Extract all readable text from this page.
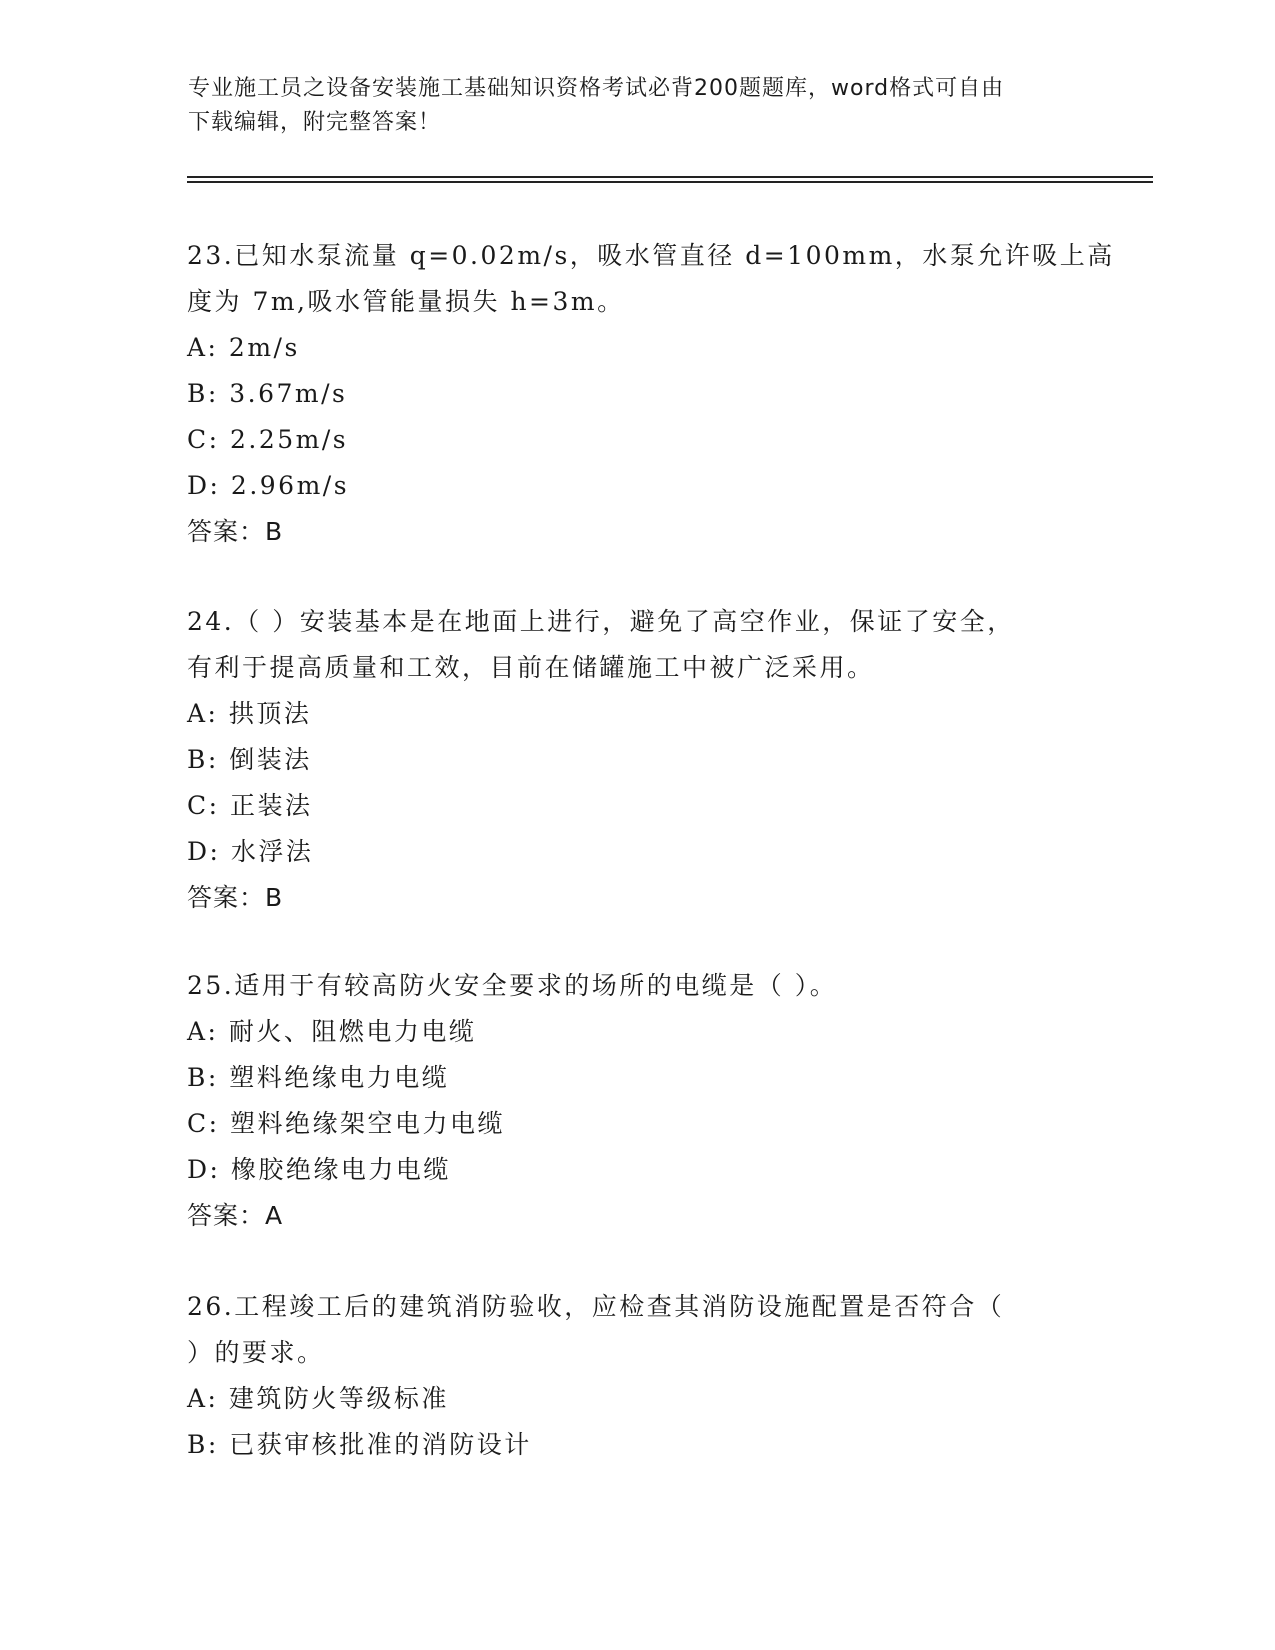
专业施工员之设备安装施工基础知识资格考试必背200题题库，word格式可自由
下载编辑，附完整答案！
23.已知水泵流量 q=0.02m/s，吸水管直径 d=100mm，水泵允许吸上高
度为 7m,吸水管能量损失 h=3m。
A: 2m/s
B: 3.67m/s
C: 2.25m/s
D: 2.96m/s
答案：B
24.（ ）安装基本是在地面上进行，避免了高空作业，保证了安全，
有利于提高质量和工效，目前在储罐施工中被广泛采用。
A: 拱顶法
B: 倒装法
C: 正装法
D: 水浮法
答案：B
25.适用于有较高防火安全要求的场所的电缆是（ ）。
A: 耐火、阻燃电力电缆
B: 塑料绝缘电力电缆
C: 塑料绝缘架空电力电缆
D: 橡胶绝缘电力电缆
答案：A
26.工程竣工后的建筑消防验收，应检查其消防设施配置是否符合（
）的要求。
A: 建筑防火等级标准
B: 已获审核批准的消防设计
